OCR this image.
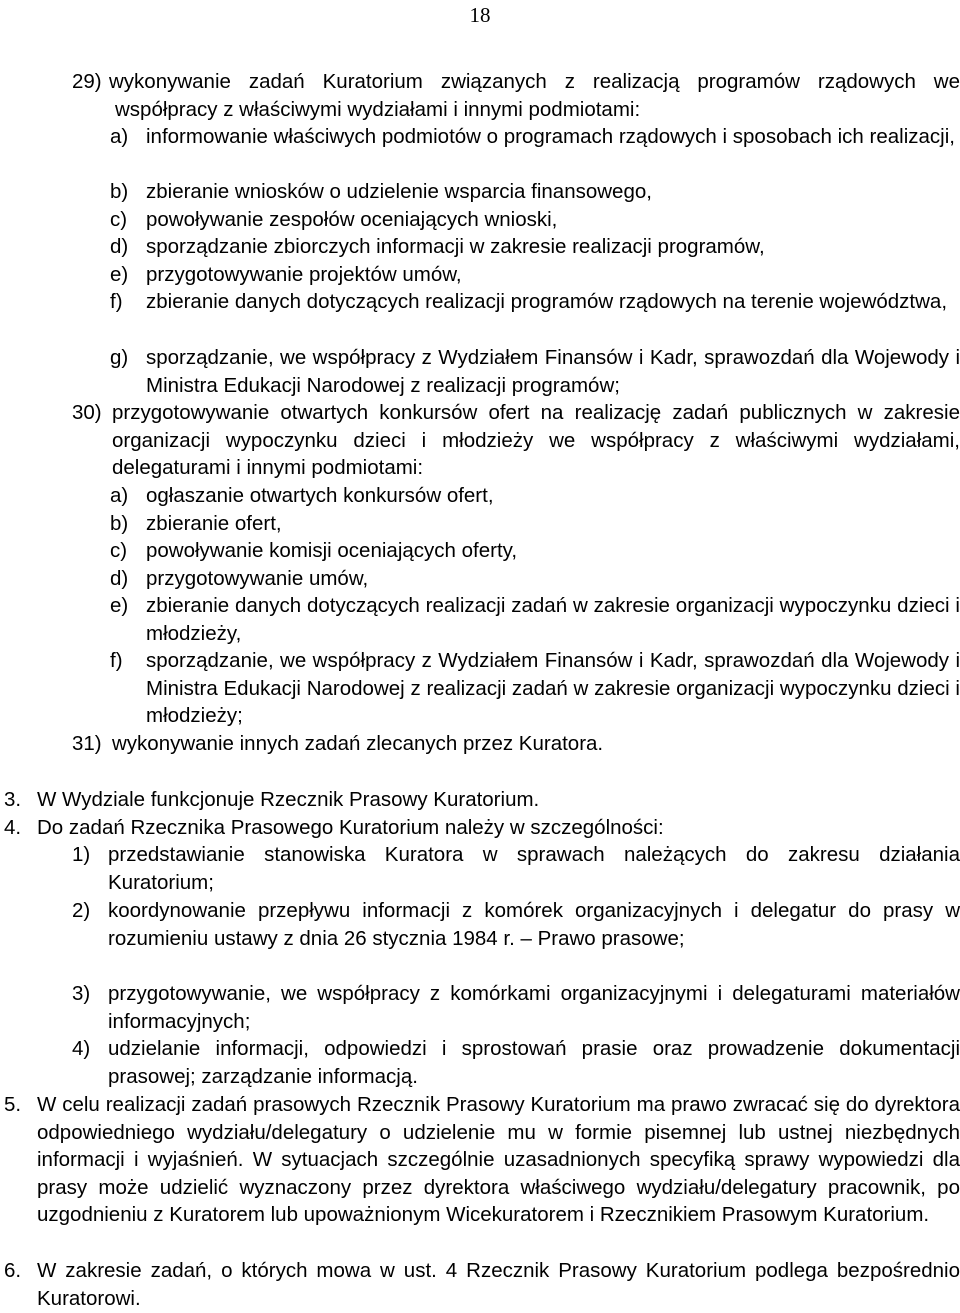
18
29) wykonywanie zadań Kuratorium związanych z realizacją programów rządowych we współpracy z właściwymi wydziałami i innymi podmiotami:

a) informowanie właściwych podmiotów o programach rządowych i sposobach ich realizacji,

b) zbieranie wniosków o udzielenie wsparcia finansowego,

c) powoływanie zespołów oceniających wnioski,

d) sporządzanie zbiorczych informacji w zakresie realizacji programów,

e) przygotowywanie projektów umów,

f) zbieranie danych dotyczących realizacji programów rządowych na terenie województwa,

g) sporządzanie, we współpracy z Wydziałem Finansów i Kadr, sprawozdań dla Wojewody i Ministra Edukacji Narodowej z realizacji programów;

30) przygotowywanie otwartych konkursów ofert na realizację zadań publicznych w zakresie organizacji wypoczynku dzieci i młodzieży we współpracy z właściwymi wydziałami, delegaturami i innymi podmiotami:

a) ogłaszanie otwartych konkursów ofert,

b) zbieranie ofert,

c) powoływanie komisji oceniających oferty,

d) przygotowywanie umów,

e) zbieranie danych dotyczących realizacji zadań w zakresie organizacji wypoczynku dzieci i młodzieży,

f) sporządzanie, we współpracy z Wydziałem Finansów i Kadr, sprawozdań dla Wojewody i Ministra Edukacji Narodowej z realizacji zadań w zakresie organizacji wypoczynku dzieci i młodzieży;

31) wykonywanie innych zadań zlecanych przez Kuratora.

3. W Wydziale funkcjonuje Rzecznik Prasowy Kuratorium.

4. Do zadań Rzecznika Prasowego Kuratorium należy w szczególności:

1) przedstawianie stanowiska Kuratora w sprawach należących do zakresu działania Kuratorium;

2) koordynowanie przepływu informacji z komórek organizacyjnych i delegatur do prasy w rozumieniu ustawy z dnia 26 stycznia 1984 r. – Prawo prasowe;

3) przygotowywanie, we współpracy z komórkami organizacyjnymi i delegaturami materiałów informacyjnych;

4) udzielanie informacji, odpowiedzi i sprostowań prasie oraz prowadzenie dokumentacji prasowej; zarządzanie informacją.

5. W celu realizacji zadań prasowych Rzecznik Prasowy Kuratorium ma prawo zwracać się do dyrektora odpowiedniego wydziału/delegatury o udzielenie mu w formie pisemnej lub ustnej niezbędnych informacji i wyjaśnień. W sytuacjach szczególnie uzasadnionych specyfiką sprawy wypowiedzi dla prasy może udzielić wyznaczony przez dyrektora właściwego wydziału/delegatury pracownik, po uzgodnieniu z Kuratorem lub upoważnionym Wicekuratorem i Rzecznikiem Prasowym Kuratorium.

6. W zakresie zadań, o których mowa w ust. 4 Rzecznik Prasowy Kuratorium podlega bezpośrednio Kuratorowi.
